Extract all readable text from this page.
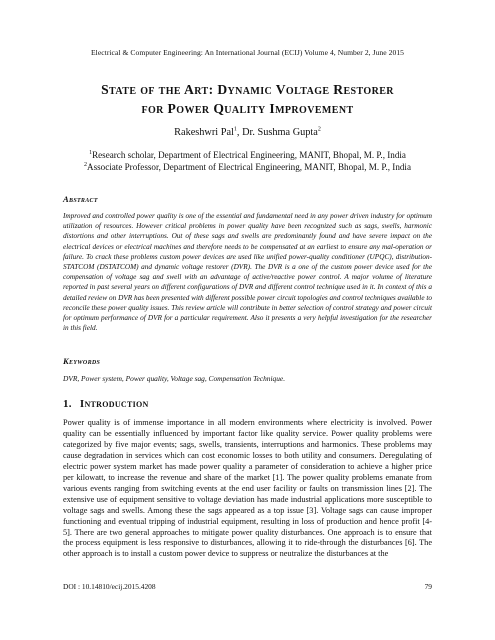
Electrical & Computer Engineering: An International Journal (ECIJ) Volume 4, Number 2, June 2015
State of the Art: Dynamic Voltage Restorer
for Power Quality Improvement
Rakeshwri Pal$^1$, Dr. Sushma Gupta$^2$
$^1$Research scholar, Department of Electrical Engineering, MANIT, Bhopal, M. P., India
$^2$Associate Professor, Department of Electrical Engineering, MANIT, Bhopal, M. P., India
Abstract
Improved and controlled power quality is one of the essential and fundamental need in any power driven industry for optimum utilization of resources. However critical problems in power quality have been recognized such as sags, swells, harmonic distortions and other interruptions. Out of these sags and swells are predominantly found and have severe impact on the electrical devices or electrical machines and therefore needs to be compensated at an earliest to ensure any mal-operation or failure. To crack these problems custom power devices are used like unified power-quality conditioner (UPQC), distribution-STATCOM (DSTATCOM) and dynamic voltage restorer (DVR). The DVR is a one of the custom power device used for the compensation of voltage sag and swell with an advantage of active/reactive power control. A major volume of literature reported in past several years on different configurations of DVR and different control technique used in it. In context of this a detailed review on DVR has been presented with different possible power circuit topologies and control techniques available to reconcile these power quality issues. This review article will contribute in better selection of control strategy and power circuit for optimum performance of DVR for a particular requirement. Also it presents a very helpful investigation for the researcher in this field.
Keywords
DVR, Power system, Power quality, Voltage sag, Compensation Technique.
1. Introduction
Power quality is of immense importance in all modern environments where electricity is involved. Power quality can be essentially influenced by important factor like quality service. Power quality problems were categorized by five major events; sags, swells, transients, interruptions and harmonics. These problems may cause degradation in services which can cost economic losses to both utility and consumers. Deregulating of electric power system market has made power quality a parameter of consideration to achieve a higher price per kilowatt, to increase the revenue and share of the market [1]. The power quality problems emanate from various events ranging from switching events at the end user facility or faults on transmission lines [2]. The extensive use of equipment sensitive to voltage deviation has made industrial applications more susceptible to voltage sags and swells. Among these the sags appeared as a top issue [3]. Voltage sags can cause improper functioning and eventual tripping of industrial equipment, resulting in loss of production and hence profit [4-5]. There are two general approaches to mitigate power quality disturbances. One approach is to ensure that the process equipment is less responsive to disturbances, allowing it to ride-through the disturbances [6]. The other approach is to install a custom power device to suppress or neutralize the disturbances at the
DOI : 10.14810/ecij.2015.4208	79
